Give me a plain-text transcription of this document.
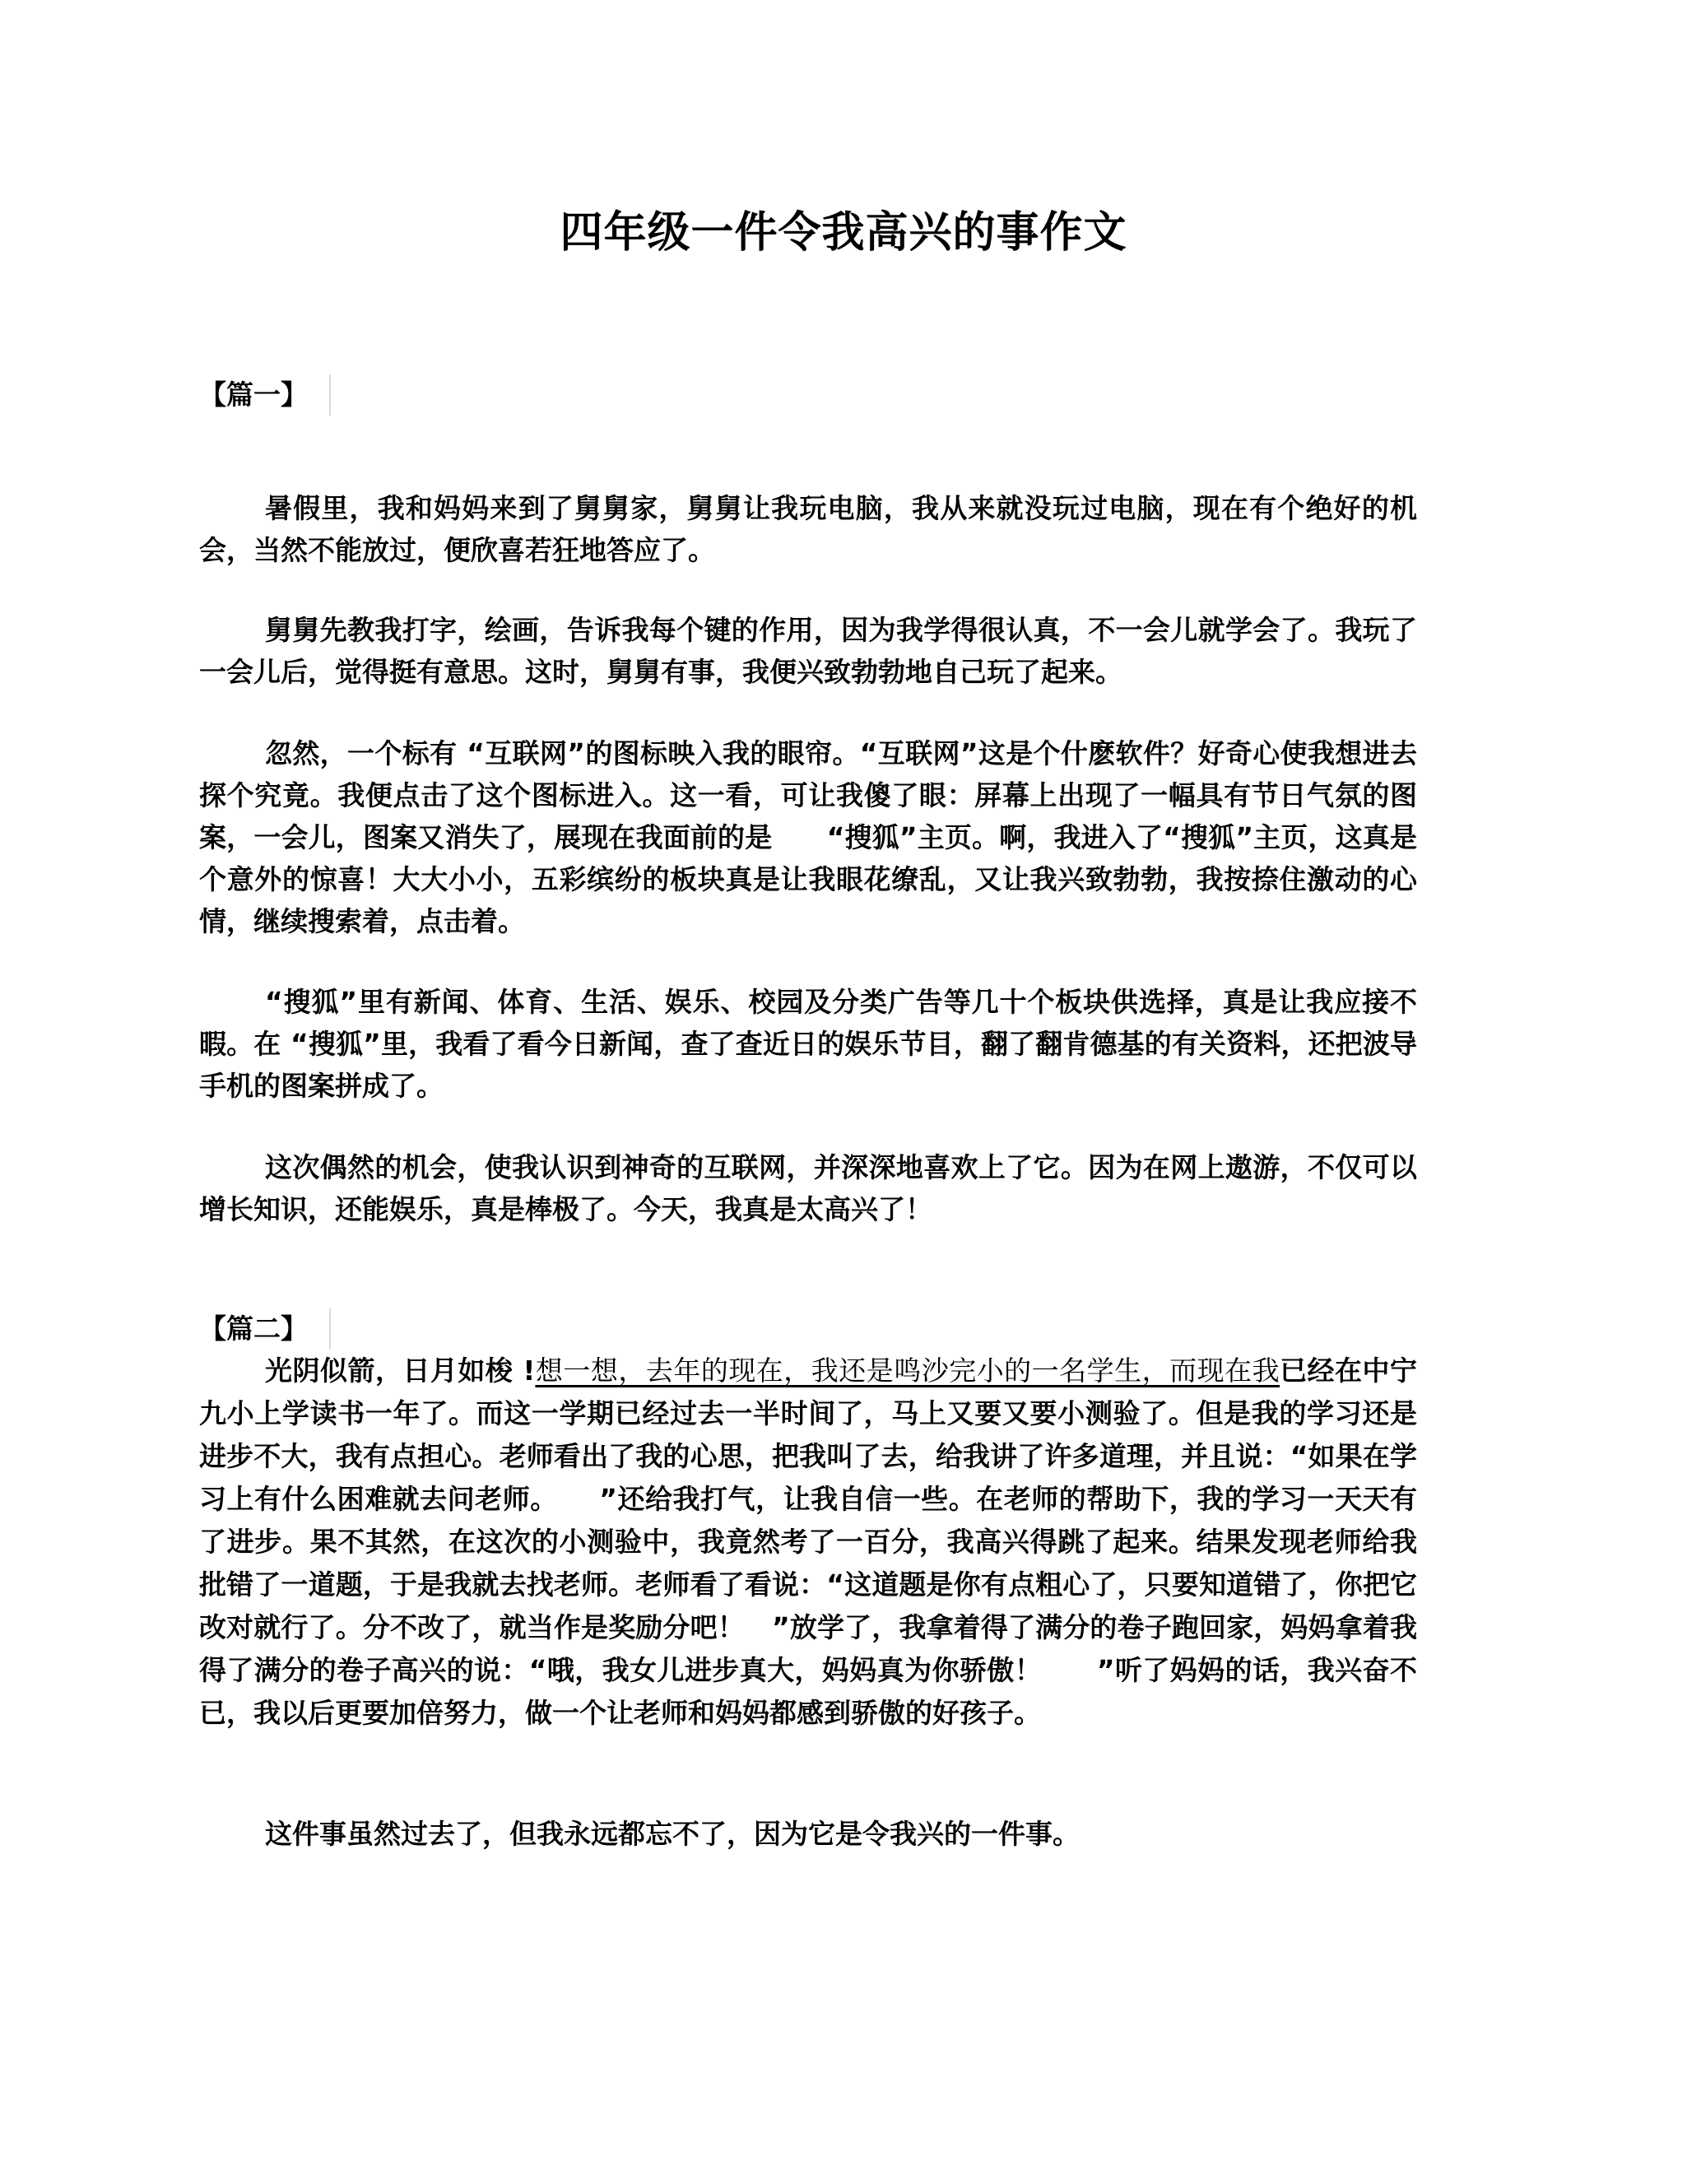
四年级一件令我高兴的事作文
【篇一】

暑假里，我和妈妈来到了舅舅家，舅舅让我玩电脑，我从来就没玩过电脑，现在有个绝好的机会，当然不能放过，便欣喜若狂地答应了。

舅舅先教我打字，绘画，告诉我每个键的作用，因为我学得很认真，不一会儿就学会了。我玩了一会儿后，觉得挺有意思。这时，舅舅有事，我便兴致勃勃地自己玩了起来。

忽然，一个标有 “互联网”的图标映入我的眼帘。“互联网”这是个什麽软件？好奇心使我想进去探个究竟。我便点击了这个图标进入。这一看，可让我傻了眼：屏幕上出现了一幅具有节日气氛的图案，一会儿，图案又消失了，展现在我面前的是　　“搜狐”主页。啊，我进入了“搜狐”主页，这真是个意外的惊喜！大大小小，五彩缤纷的板块真是让我眼花缭乱，又让我兴致勃勃，我按捺住激动的心情，继续搜索着，点击着。

“搜狐”里有新闻、体育、生活、娱乐、校园及分类广告等几十个板块供选择，真是让我应接不暇。在 “搜狐”里，我看了看今日新闻，查了查近日的娱乐节目，翻了翻肯德基的有关资料，还把波导手机的图案拼成了。

这次偶然的机会，使我认识到神奇的互联网，并深深地喜欢上了它。因为在网上遨游，不仅可以增长知识，还能娱乐，真是棒极了。今天，我真是太高兴了！

【篇二】

光阴似箭，日月如梭 !想一想，去年的现在，我还是鸣沙完小的一名学生，而现在我已经在中宁九小上学读书一年了。而这一学期已经过去一半时间了，马上又要又要小测验了。但是我的学习还是进步不大，我有点担心。老师看出了我的心思，把我叫了去，给我讲了许多道理，并且说：“如果在学习上有什么困难就去问老师。　　”还给我打气，让我自信一些。在老师的帮助下，我的学习一天天有了进步。果不其然，在这次的小测验中，我竟然考了一百分，我高兴得跳了起来。结果发现老师给我批错了一道题，于是我就去找老师。老师看了看说：“这道题是你有点粗心了，只要知道错了，你把它改对就行了。分不改了，就当作是奖励分吧！　”放学了，我拿着得了满分的卷子跑回家，妈妈拿着我得了满分的卷子高兴的说：“哦，我女儿进步真大，妈妈真为你骄傲！　　”听了妈妈的话，我兴奋不已，我以后更要加倍努力，做一个让老师和妈妈都感到骄傲的好孩子。

这件事虽然过去了，但我永远都忘不了，因为它是令我兴的一件事。
